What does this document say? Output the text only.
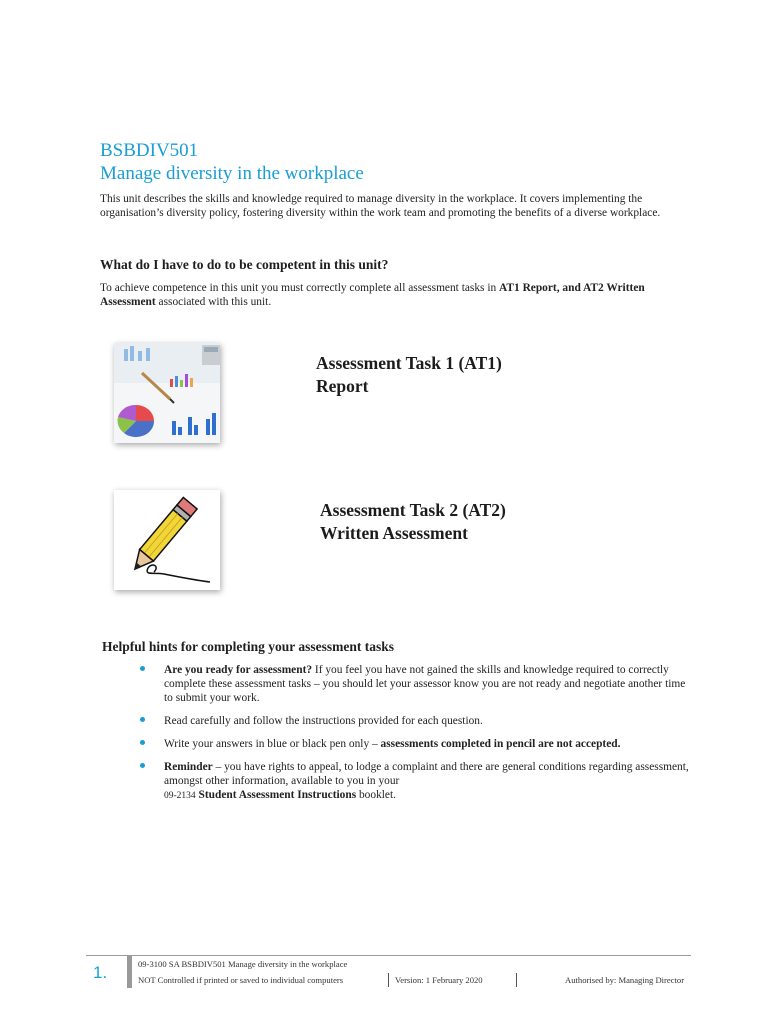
BSBDIV501
Manage diversity in the workplace
This unit describes the skills and knowledge required to manage diversity in the workplace. It covers implementing the organisation’s diversity policy, fostering diversity within the work team and promoting the benefits of a diverse workplace.
What do I have to do to be competent in this unit?
To achieve competence in this unit you must correctly complete all assessment tasks in AT1 Report, and AT2 Written Assessment associated with this unit.
Assessment Task 1 (AT1)
Report
Assessment Task 2 (AT2)
Written Assessment
Helpful hints for completing your assessment tasks
Are you ready for assessment? If you feel you have not gained the skills and knowledge required to correctly complete these assessment tasks – you should let your assessor know you are not ready and negotiate another time to submit your work.
Read carefully and follow the instructions provided for each question.
Write your answers in blue or black pen only – assessments completed in pencil are not accepted.
Reminder – you have rights to appeal, to lodge a complaint and there are general conditions regarding assessment, amongst other information, available to you in your
09-2134 Student Assessment Instructions booklet.
1.	09-3100 SA BSBDIV501 Manage diversity in the workplace
NOT Controlled if printed or saved to individual computers	Version: 1 February 2020	Authorised by: Managing Director
